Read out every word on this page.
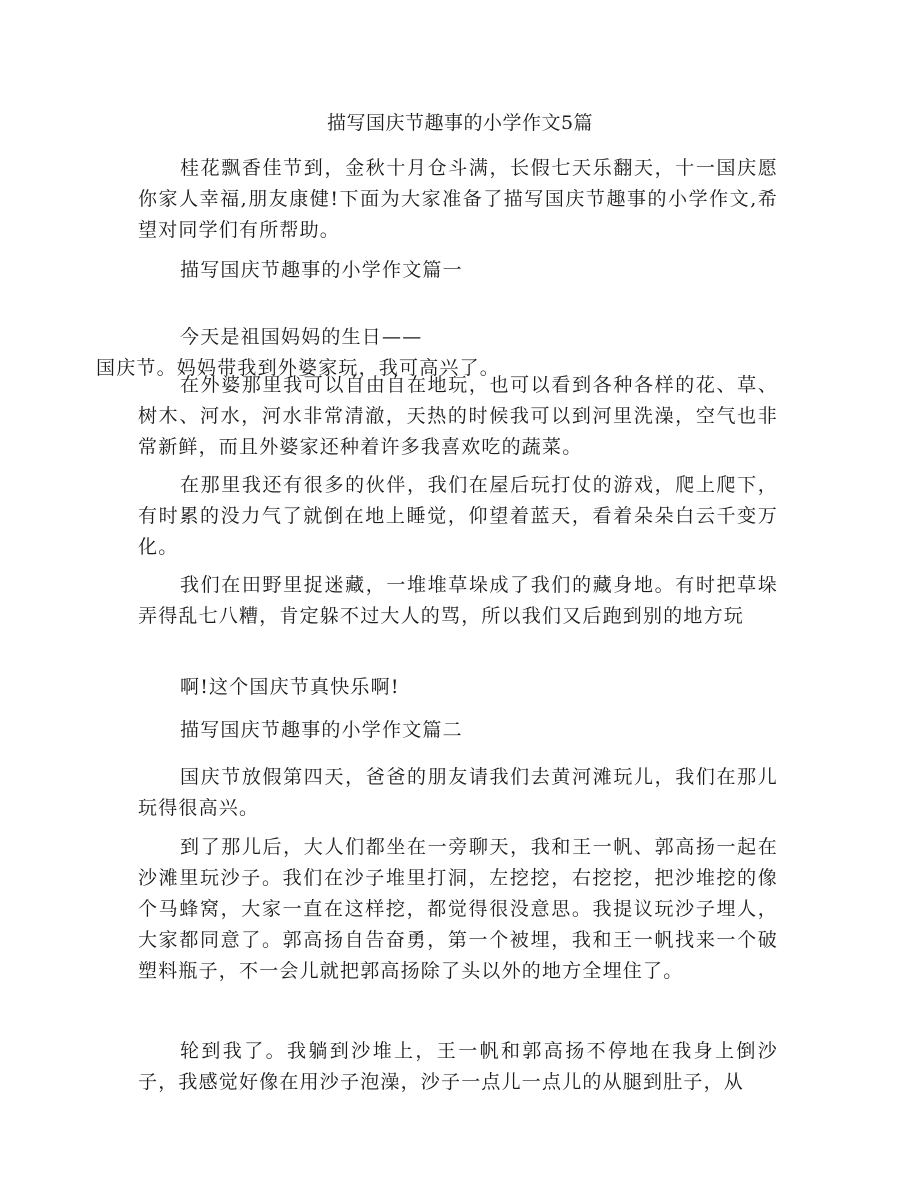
描写国庆节趣事的小学作文5篇

桂花飘香佳节到，金秋十月仓斗满，长假七天乐翻天，十一国庆愿你家人幸福,朋友康健!下面为大家准备了描写国庆节趣事的小学作文,希望对同学们有所帮助。

描写国庆节趣事的小学作文篇一

今天是祖国妈妈的生日——
国庆节。妈妈带我到外婆家玩，我可高兴了。

在外婆那里我可以自由自在地玩，也可以看到各种各样的花、草、树木、河水，河水非常清澈，天热的时候我可以到河里洗澡，空气也非常新鲜，而且外婆家还种着许多我喜欢吃的蔬菜。

在那里我还有很多的伙伴，我们在屋后玩打仗的游戏，爬上爬下，有时累的没力气了就倒在地上睡觉，仰望着蓝天，看着朵朵白云千变万化。

我们在田野里捉迷藏，一堆堆草垛成了我们的藏身地。有时把草垛弄得乱七八糟，肯定躲不过大人的骂，所以我们又后跑到别的地方玩

啊!这个国庆节真快乐啊!

描写国庆节趣事的小学作文篇二

国庆节放假第四天，爸爸的朋友请我们去黄河滩玩儿，我们在那儿玩得很高兴。

到了那儿后，大人们都坐在一旁聊天，我和王一帆、郭高扬一起在沙滩里玩沙子。我们在沙子堆里打洞，左挖挖，右挖挖，把沙堆挖的像个马蜂窝，大家一直在这样挖，都觉得很没意思。我提议玩沙子埋人，大家都同意了。郭高扬自告奋勇，第一个被埋，我和王一帆找来一个破塑料瓶子，不一会儿就把郭高扬除了头以外的地方全埋住了。

轮到我了。我躺到沙堆上，王一帆和郭高扬不停地在我身上倒沙子，我感觉好像在用沙子泡澡，沙子一点儿一点儿的从腿到肚子，从
